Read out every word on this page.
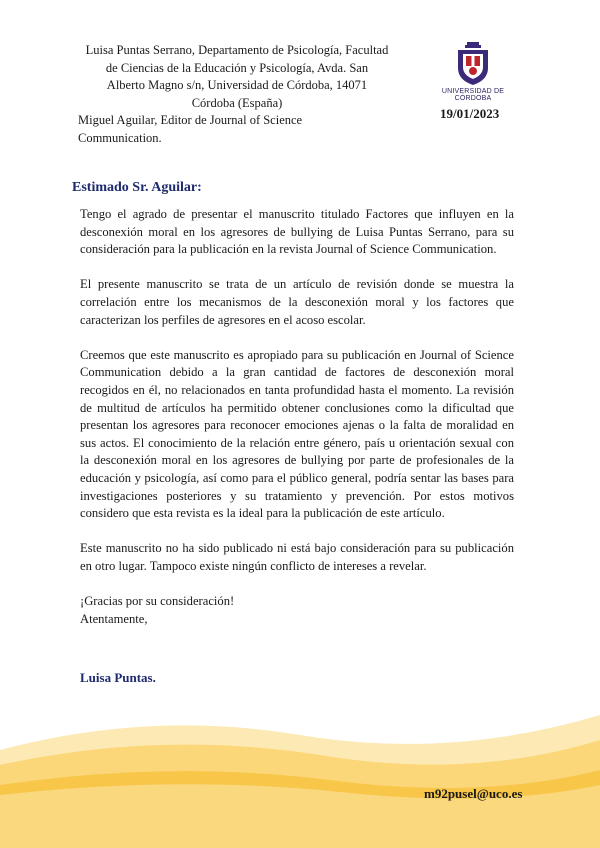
Luisa Puntas Serrano, Departamento de Psicología, Facultad
de Ciencias de la Educación y Psicología, Avda. San
Alberto Magno s/n, Universidad de Córdoba, 14071
Córdoba (España)
Miguel Aguilar, Editor de Journal of Science
Communication.
UNIVERSIDAD DE CÓRDOBA
19/01/2023
Estimado Sr. Aguilar:

Tengo el agrado de presentar el manuscrito titulado Factores que influyen en la desconexión moral en los agresores de bullying de Luisa Puntas Serrano, para su consideración para la publicación en la revista Journal of Science Communication.

El presente manuscrito se trata de un artículo de revisión donde se muestra la correlación entre los mecanismos de la desconexión moral y los factores que caracterizan los perfiles de agresores en el acoso escolar.

Creemos que este manuscrito es apropiado para su publicación en Journal of Science Communication debido a la gran cantidad de factores de desconexión moral recogidos en él, no relacionados en tanta profundidad hasta el momento. La revisión de multitud de artículos ha permitido obtener conclusiones como la dificultad que presentan los agresores para reconocer emociones ajenas o la falta de moralidad en sus actos. El conocimiento de la relación entre género, país u orientación sexual con la desconexión moral en los agresores de bullying por parte de profesionales de la educación y psicología, así como para el público general, podría sentar las bases para investigaciones posteriores y su tratamiento y prevención. Por estos motivos considero que esta revista es la ideal para la publicación de este artículo.

Este manuscrito no ha sido publicado ni está bajo consideración para su publicación en otro lugar. Tampoco existe ningún conflicto de intereses a revelar.

¡Gracias por su consideración!
Atentamente,
Luisa Puntas.
m92pusel@uco.es
